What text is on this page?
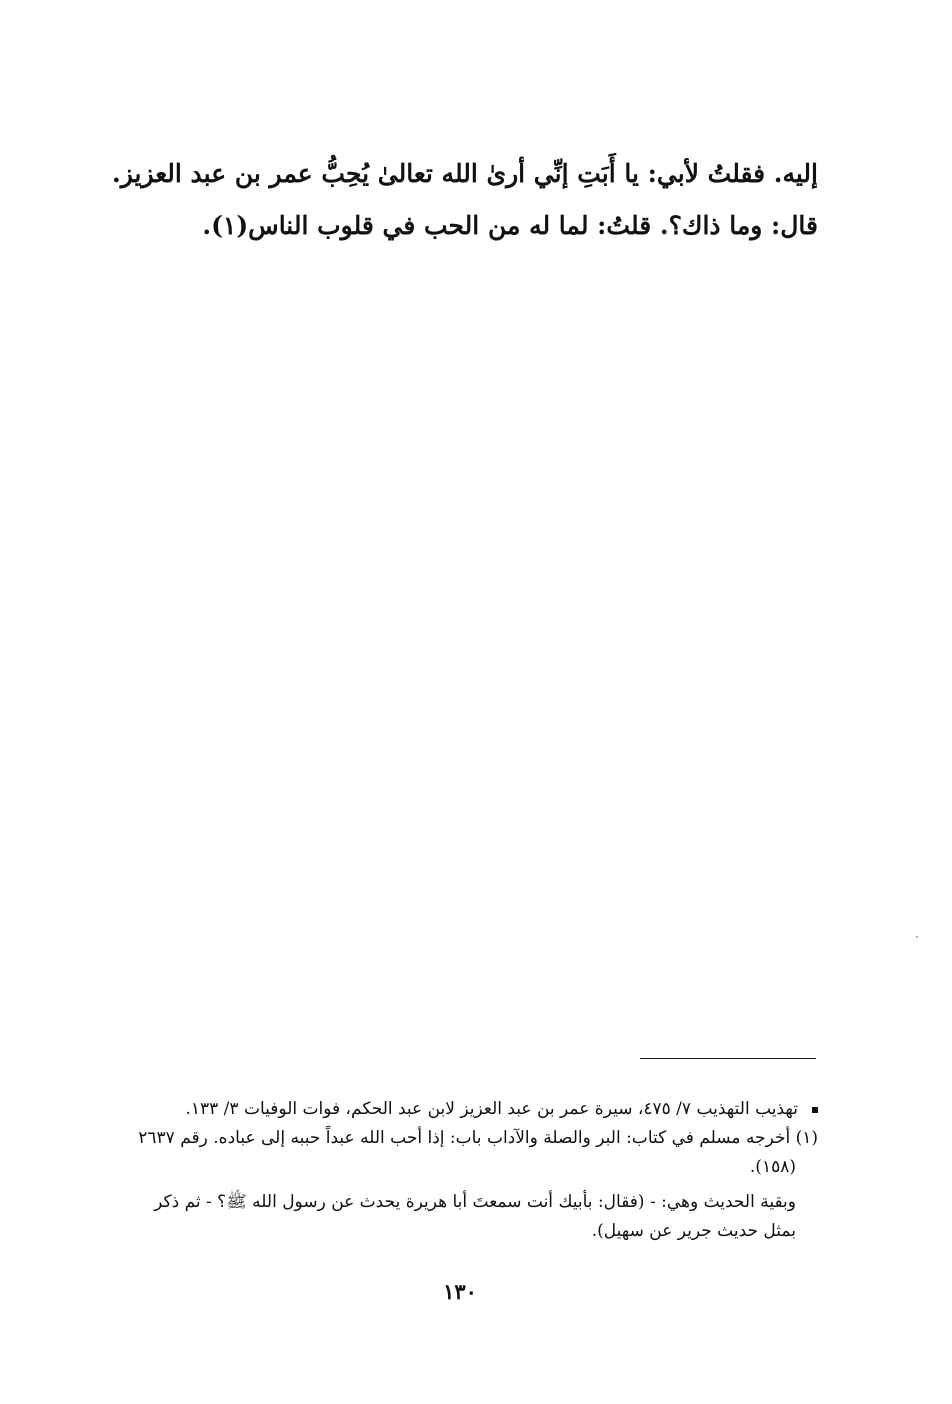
إليه. فقلتُ لأبي: يا أَبَتِ إنِّي أرىٰ الله تعالىٰ يُحِبُّ عمر بن عبد العزيز. قال: وما ذاك؟. قلتُ: لما له من الحب في قلوب الناس(١).

تهذيب التهذيب ٧/ ٤٧٥، سيرة عمر بن عبد العزيز لابن عبد الحكم، فوات الوفيات ٣/ ١٣٣.

(١) أخرجه مسلم في كتاب: البر والصلة والآداب باب: إذا أحب الله عبداً حببه إلى عباده. رقم ٢٦٣٧

(١٥٨).

وبقية الحديث وهي: - (فقال: بأبيك أنت سمعتَ أبا هريرة يحدث عن رسول الله ﷺ؟ - ثم ذكر

بمثل حديث جرير عن سهيل).

١٣٠
